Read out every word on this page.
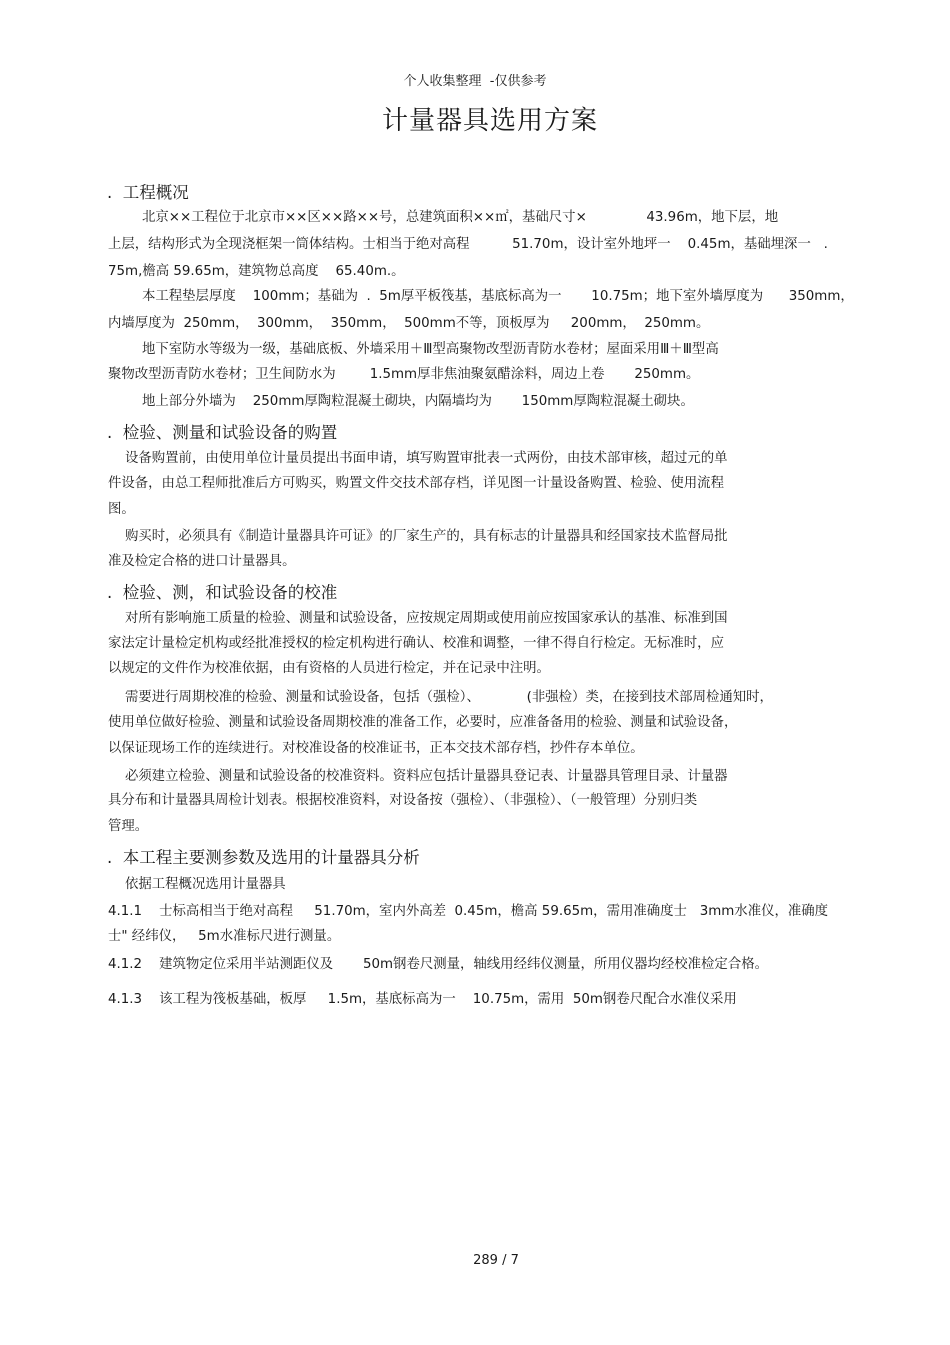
个人收集整理  -仅供参考
计量器具选用方案
.  工程概况
北京××工程位于北京市××区××路××号，总建筑面积××㎡，基础尺寸×              43.96m，地下层，地
上层，结构形式为全现浇框架一筒体结构。士相当于绝对高程          51.70m，设计室外地坪一    0.45m，基础埋深一   .
75m,檐高 59.65m，建筑物总高度    65.40m.。
本工程垫层厚度    100mm；基础为  .  5m厚平板筏基，基底标高为一       10.75m；地下室外墙厚度为      350mm，
内墙厚度为  250mm，  300mm，  350mm，  500mm不等，顶板厚为     200mm，  250mm。
地下室防水等级为一级，基础底板、外墙采用＋Ⅲ型高聚物改型沥青防水卷材；屋面采用Ⅲ＋Ⅲ型高
聚物改型沥青防水卷材；卫生间防水为        1.5mm厚非焦油聚氨醋涂料，周边上卷       250mm。
地上部分外墙为    250mm厚陶粒混凝土砌块，内隔墙均为       150mm厚陶粒混凝土砌块。
.  检验、测量和试验设备的购置
设备购置前，由使用单位计量员提出书面申请，填写购置审批表一式两份，由技术部审核，超过元的单
件设备，由总工程师批准后方可购买，购置文件交技术部存档，详见图一计量设备购置、检验、使用流程
图。
购买时，必须具有《制造计量器具许可证》的厂家生产的，具有标志的计量器具和经国家技术监督局批
准及检定合格的进口计量器具。
.  检验、测，和试验设备的校准
对所有影响施工质量的检验、测量和试验设备，应按规定周期或使用前应按国家承认的基准、标准到国
家法定计量检定机构或经批准授权的检定机构进行确认、校准和调整，一律不得自行检定。无标准时，应
以规定的文件作为校准依据，由有资格的人员进行检定，并在记录中注明。
需要进行周期校准的检验、测量和试验设备，包括（强检）、           (非强检）类，在接到技术部周检通知时，
使用单位做好检验、测量和试验设备周期校准的准备工作，必要时，应准备备用的检验、测量和试验设备，
以保证现场工作的连续进行。对校准设备的校准证书，正本交技术部存档，抄件存本单位。
必须建立检验、测量和试验设备的校准资料。资料应包括计量器具登记表、计量器具管理目录、计量器
具分布和计量器具周检计划表。根据校准资料，对设备按（强检）、（非强检）、（一般管理）分别归类
管理。
.  本工程主要测参数及选用的计量器具分析
依据工程概况选用计量器具
4.1.1    士标高相当于绝对高程     51.70m，室内外高差  0.45m，檐高 59.65m，需用准确度士   3mm水准仪，准确度
士" 经纬仪，   5m水准标尺进行测量。
4.1.2    建筑物定位采用半站测距仪及       50m钢卷尺测量，轴线用经纬仪测量，所用仪器均经校准检定合格。
4.1.3    该工程为筏板基础，板厚     1.5m，基底标高为一    10.75m，需用  50m钢卷尺配合水准仪采用
289 / 7
